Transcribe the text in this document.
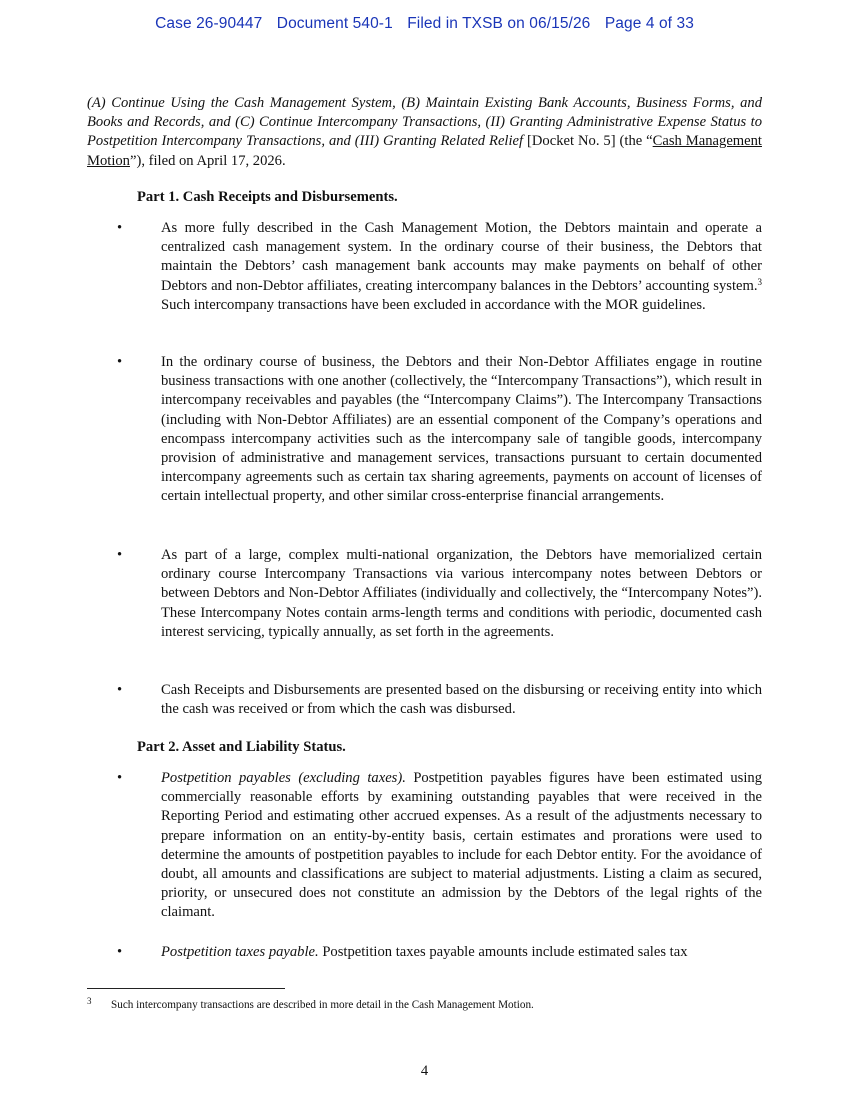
Case 26-90447 Document 540-1 Filed in TXSB on 06/15/26 Page 4 of 33
(A) Continue Using the Cash Management System, (B) Maintain Existing Bank Accounts, Business Forms, and Books and Records, and (C) Continue Intercompany Transactions, (II) Granting Administrative Expense Status to Postpetition Intercompany Transactions, and (III) Granting Related Relief [Docket No. 5] (the “Cash Management Motion”), filed on April 17, 2026.
Part 1. Cash Receipts and Disbursements.
•	As more fully described in the Cash Management Motion, the Debtors maintain and operate a centralized cash management system. In the ordinary course of their business, the Debtors that maintain the Debtors’ cash management bank accounts may make payments on behalf of other Debtors and non-Debtor affiliates, creating intercompany balances in the Debtors’ accounting system.$^3$ Such intercompany transactions have been excluded in accordance with the MOR guidelines.
•	In the ordinary course of business, the Debtors and their Non-Debtor Affiliates engage in routine business transactions with one another (collectively, the “Intercompany Transactions”), which result in intercompany receivables and payables (the “Intercompany Claims”). The Intercompany Transactions (including with Non-Debtor Affiliates) are an essential component of the Company’s operations and encompass intercompany activities such as the intercompany sale of tangible goods, intercompany provision of administrative and management services, transactions pursuant to certain documented intercompany agreements such as certain tax sharing agreements, payments on account of licenses of certain intellectual property, and other similar cross-enterprise financial arrangements.
•	As part of a large, complex multi-national organization, the Debtors have memorialized certain ordinary course Intercompany Transactions via various intercompany notes between Debtors or between Debtors and Non-Debtor Affiliates (individually and collectively, the “Intercompany Notes”). These Intercompany Notes contain arms-length terms and conditions with periodic, documented cash interest servicing, typically annually, as set forth in the agreements.
•	Cash Receipts and Disbursements are presented based on the disbursing or receiving entity into which the cash was received or from which the cash was disbursed.
Part 2. Asset and Liability Status.
•	Postpetition payables (excluding taxes). Postpetition payables figures have been estimated using commercially reasonable efforts by examining outstanding payables that were received in the Reporting Period and estimating other accrued expenses. As a result of the adjustments necessary to prepare information on an entity-by-entity basis, certain estimates and prorations were used to determine the amounts of postpetition payables to include for each Debtor entity. For the avoidance of doubt, all amounts and classifications are subject to material adjustments. Listing a claim as secured, priority, or unsecured does not constitute an admission by the Debtors of the legal rights of the claimant.
•	Postpetition taxes payable. Postpetition taxes payable amounts include estimated sales tax
3 Such intercompany transactions are described in more detail in the Cash Management Motion.
4
